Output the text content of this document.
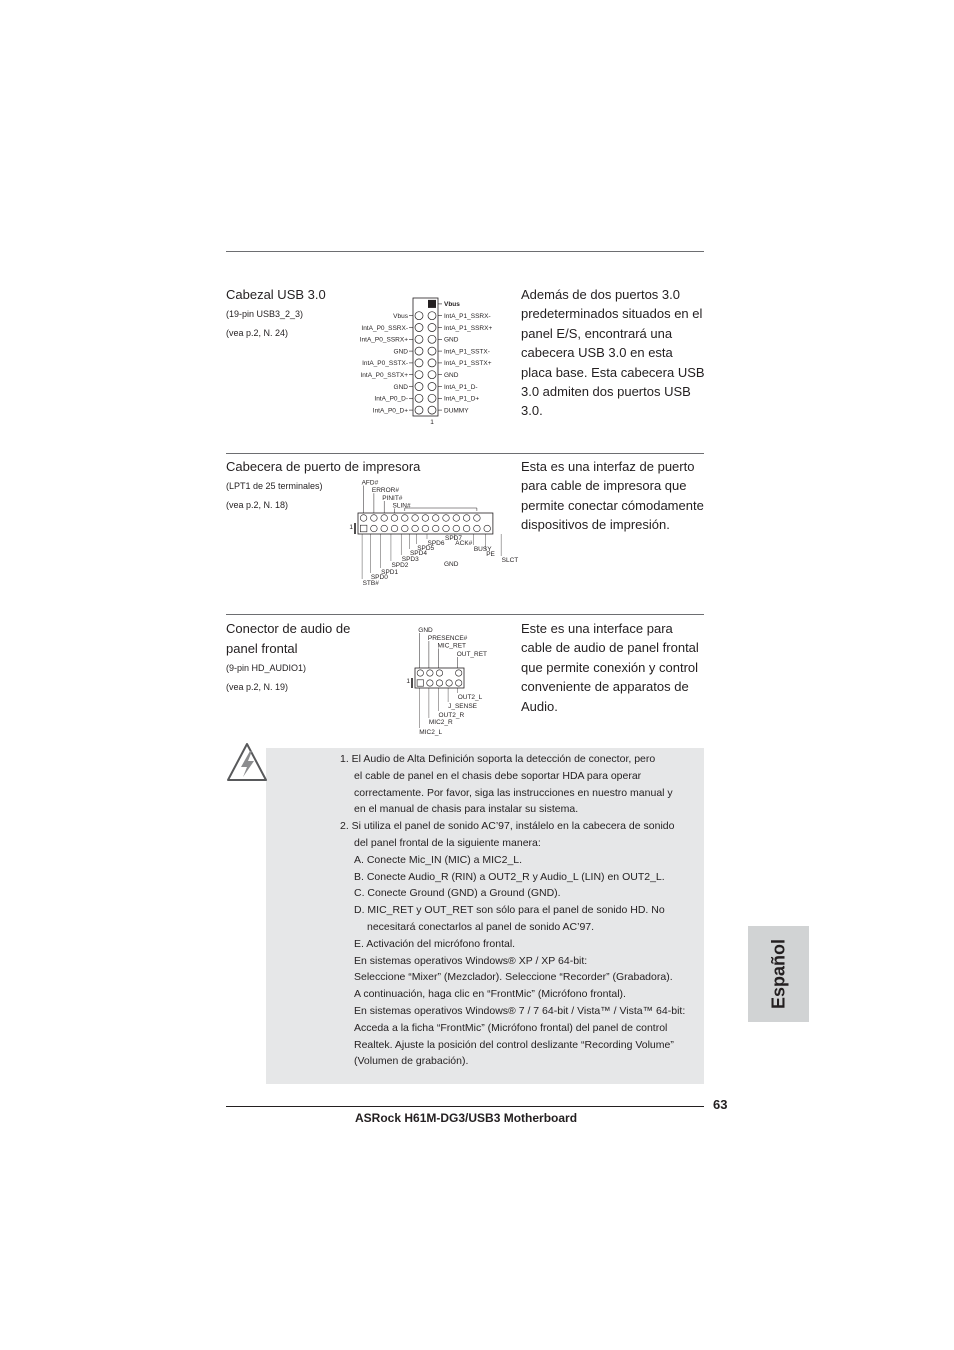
Cabezal USB 3.0
(19-pin USB3_2_3)
(vea p.2, N. 24)
Vbus
IntA_P1_SSRX-
IntA_P1_SSRX+
GND
IntA_P1_SSTX-
IntA_P1_SSTX+
GND
IntA_P1_D-
IntA_P1_D+
DUMMY
Vbus
IntA_P0_SSRX-
IntA_P0_SSRX+
GND
IntA_P0_SSTX-
IntA_P0_SSTX+
GND
IntA_P0_D-
IntA_P0_D+
1
Además de dos puertos 3.0
predeterminados situados en el
panel E/S, encontrará una
cabecera USB 3.0 en esta
placa base. Esta cabecera USB
3.0 admiten dos puertos USB
3.0.
Cabecera de puerto de impresora
(LPT1 de 25 terminales)
(vea p.2, N. 18)
1
AFD#
ERROR#
PINIT#
SLIN#
GND
SPD7
SPD6 ACK#
SPD5	BUSY
SPD4	PE
SPD3	SLCT
SPD2
SPD1
SPD0
STB#
Esta es una interfaz de puerto
para cable de impresora que
permite conectar cómodamente
dispositivos de impresión.
Conector de audio de
panel frontal
(9-pin HD_AUDIO1)
(vea p.2, N. 19)
1
GND
PRESENCE#
MIC_RET
OUT_RET
OUT2_L
J_SENSE
OUT2_R
MIC2_R
MIC2_L
Este es una interface para
cable de audio de panel frontal
que permite conexión y control
conveniente de apparatos de
Audio.
1. El Audio de Alta Definición soporta la detección de conector, pero
el cable de panel en el chasis debe soportar HDA para operar
correctamente. Por favor, siga las instrucciones en nuestro manual y
en el manual de chasis para instalar su sistema.
2. Si utiliza el panel de sonido AC’97, instálelo en la cabecera de sonido
del panel frontal de la siguiente manera:
A. Conecte Mic_IN (MIC) a MIC2_L.
B. Conecte Audio_R (RIN) a OUT2_R y Audio_L (LIN) en OUT2_L.
C. Conecte Ground (GND) a Ground (GND).
D. MIC_RET y OUT_RET son sólo para el panel de sonido HD. No
necesitará conectarlos al panel de sonido AC’97.
E. Activación del micrófono frontal.
En sistemas operativos Windows® XP / XP 64-bit:
Seleccione “Mixer” (Mezclador). Seleccione “Recorder” (Grabadora).
A continuación, haga clic en “FrontMic” (Micrófono frontal).
En sistemas operativos Windows® 7 / 7 64-bit / Vista™ / Vista™ 64-bit:
Acceda a la ficha “FrontMic” (Micrófono frontal) del panel de control
Realtek. Ajuste la posición del control deslizante “Recording Volume”
(Volumen de grabación).
Español
63
ASRock H61M-DG3/USB3 Motherboard
